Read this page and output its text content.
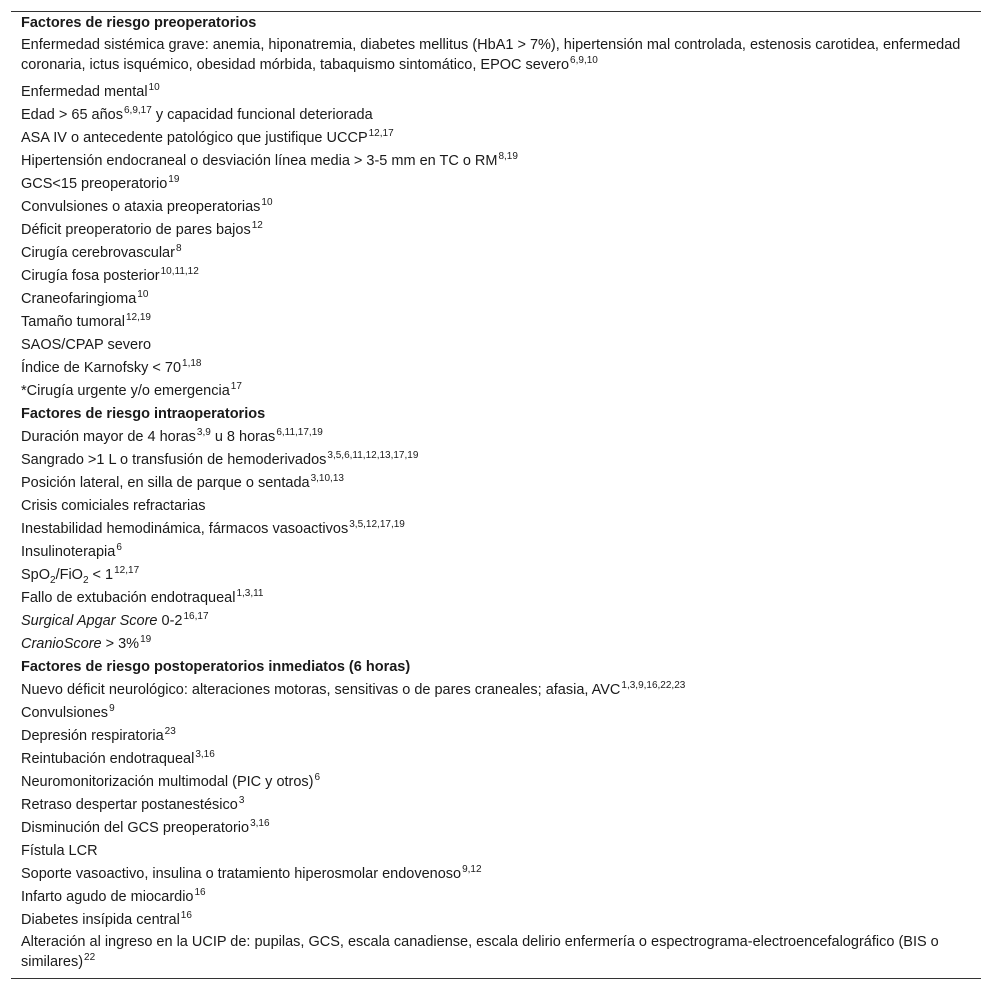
Factores de riesgo preoperatorios
Enfermedad sistémica grave: anemia, hiponatremia, diabetes mellitus (HbA1 > 7%), hipertensión mal controlada, estenosis carotidea, enfermedad coronaria, ictus isquémico, obesidad mórbida, tabaquismo sintomático, EPOC severo$^{6,9,10}$
Enfermedad mental$^{10}$
Edad > 65 años$^{6,9,17}$ y capacidad funcional deteriorada
ASA IV o antecedente patológico que justifique UCCP$^{12,17}$
Hipertensión endocraneal o desviación línea media > 3-5 mm en TC o RM$^{8,19}$
GCS<15 preoperatorio$^{19}$
Convulsiones o ataxia preoperatorias$^{10}$
Déficit preoperatorio de pares bajos$^{12}$
Cirugía cerebrovascular$^8$
Cirugía fosa posterior$^{10,11,12}$
Craneofaringioma$^{10}$
Tamaño tumoral$^{12,19}$
SAOS/CPAP severo
Índice de Karnofsky < $70^{1,18}$
*Cirugía urgente y/o emergencia$^{17}$
Factores de riesgo intraoperatorios
Duración mayor de 4 horas$^{3,9}$ u 8 horas$^{6,11,17,19}$
Sangrado >1 L o transfusión de hemoderivados$^{3,5,6,11,12,13,17,19}$
Posición lateral, en silla de parque o sentada$^{3,10,13}$
Crisis comiciales refractarias
Inestabilidad hemodinámica, fármacos vasoactivos$^{3,5,12,17,19}$
Insulinoterapia$^6$
$SpO_2/FiO_2 < 1^{12,17}$
Fallo de extubación endotraqueal$^{1,3,11}$
Surgical Apgar Score 0-2$^{16,17}$
CranioScore > 3%$^{19}$
Factores de riesgo postoperatorios inmediatos (6 horas)
Nuevo déficit neurológico: alteraciones motoras, sensitivas o de pares craneales; afasia, AVC$^{1,3,9,16,22,23}$
Convulsiones$^9$
Depresión respiratoria$^{23}$
Reintubación endotraqueal$^{3,16}$
Neuromonitorización multimodal (PIC y otros)$^6$
Retraso despertar postanestésico$^3$
Disminución del GCS preoperatorio$^{3,16}$
Fístula LCR
Soporte vasoactivo, insulina o tratamiento hiperosmolar endovenoso$^{9,12}$
Infarto agudo de miocardio$^{16}$
Diabetes insípida central$^{16}$
Alteración al ingreso en la UCIP de: pupilas, GCS, escala canadiense, escala delirio enfermería o espectrograma-electroencefalográfico (BIS o similares)$^{22}$
